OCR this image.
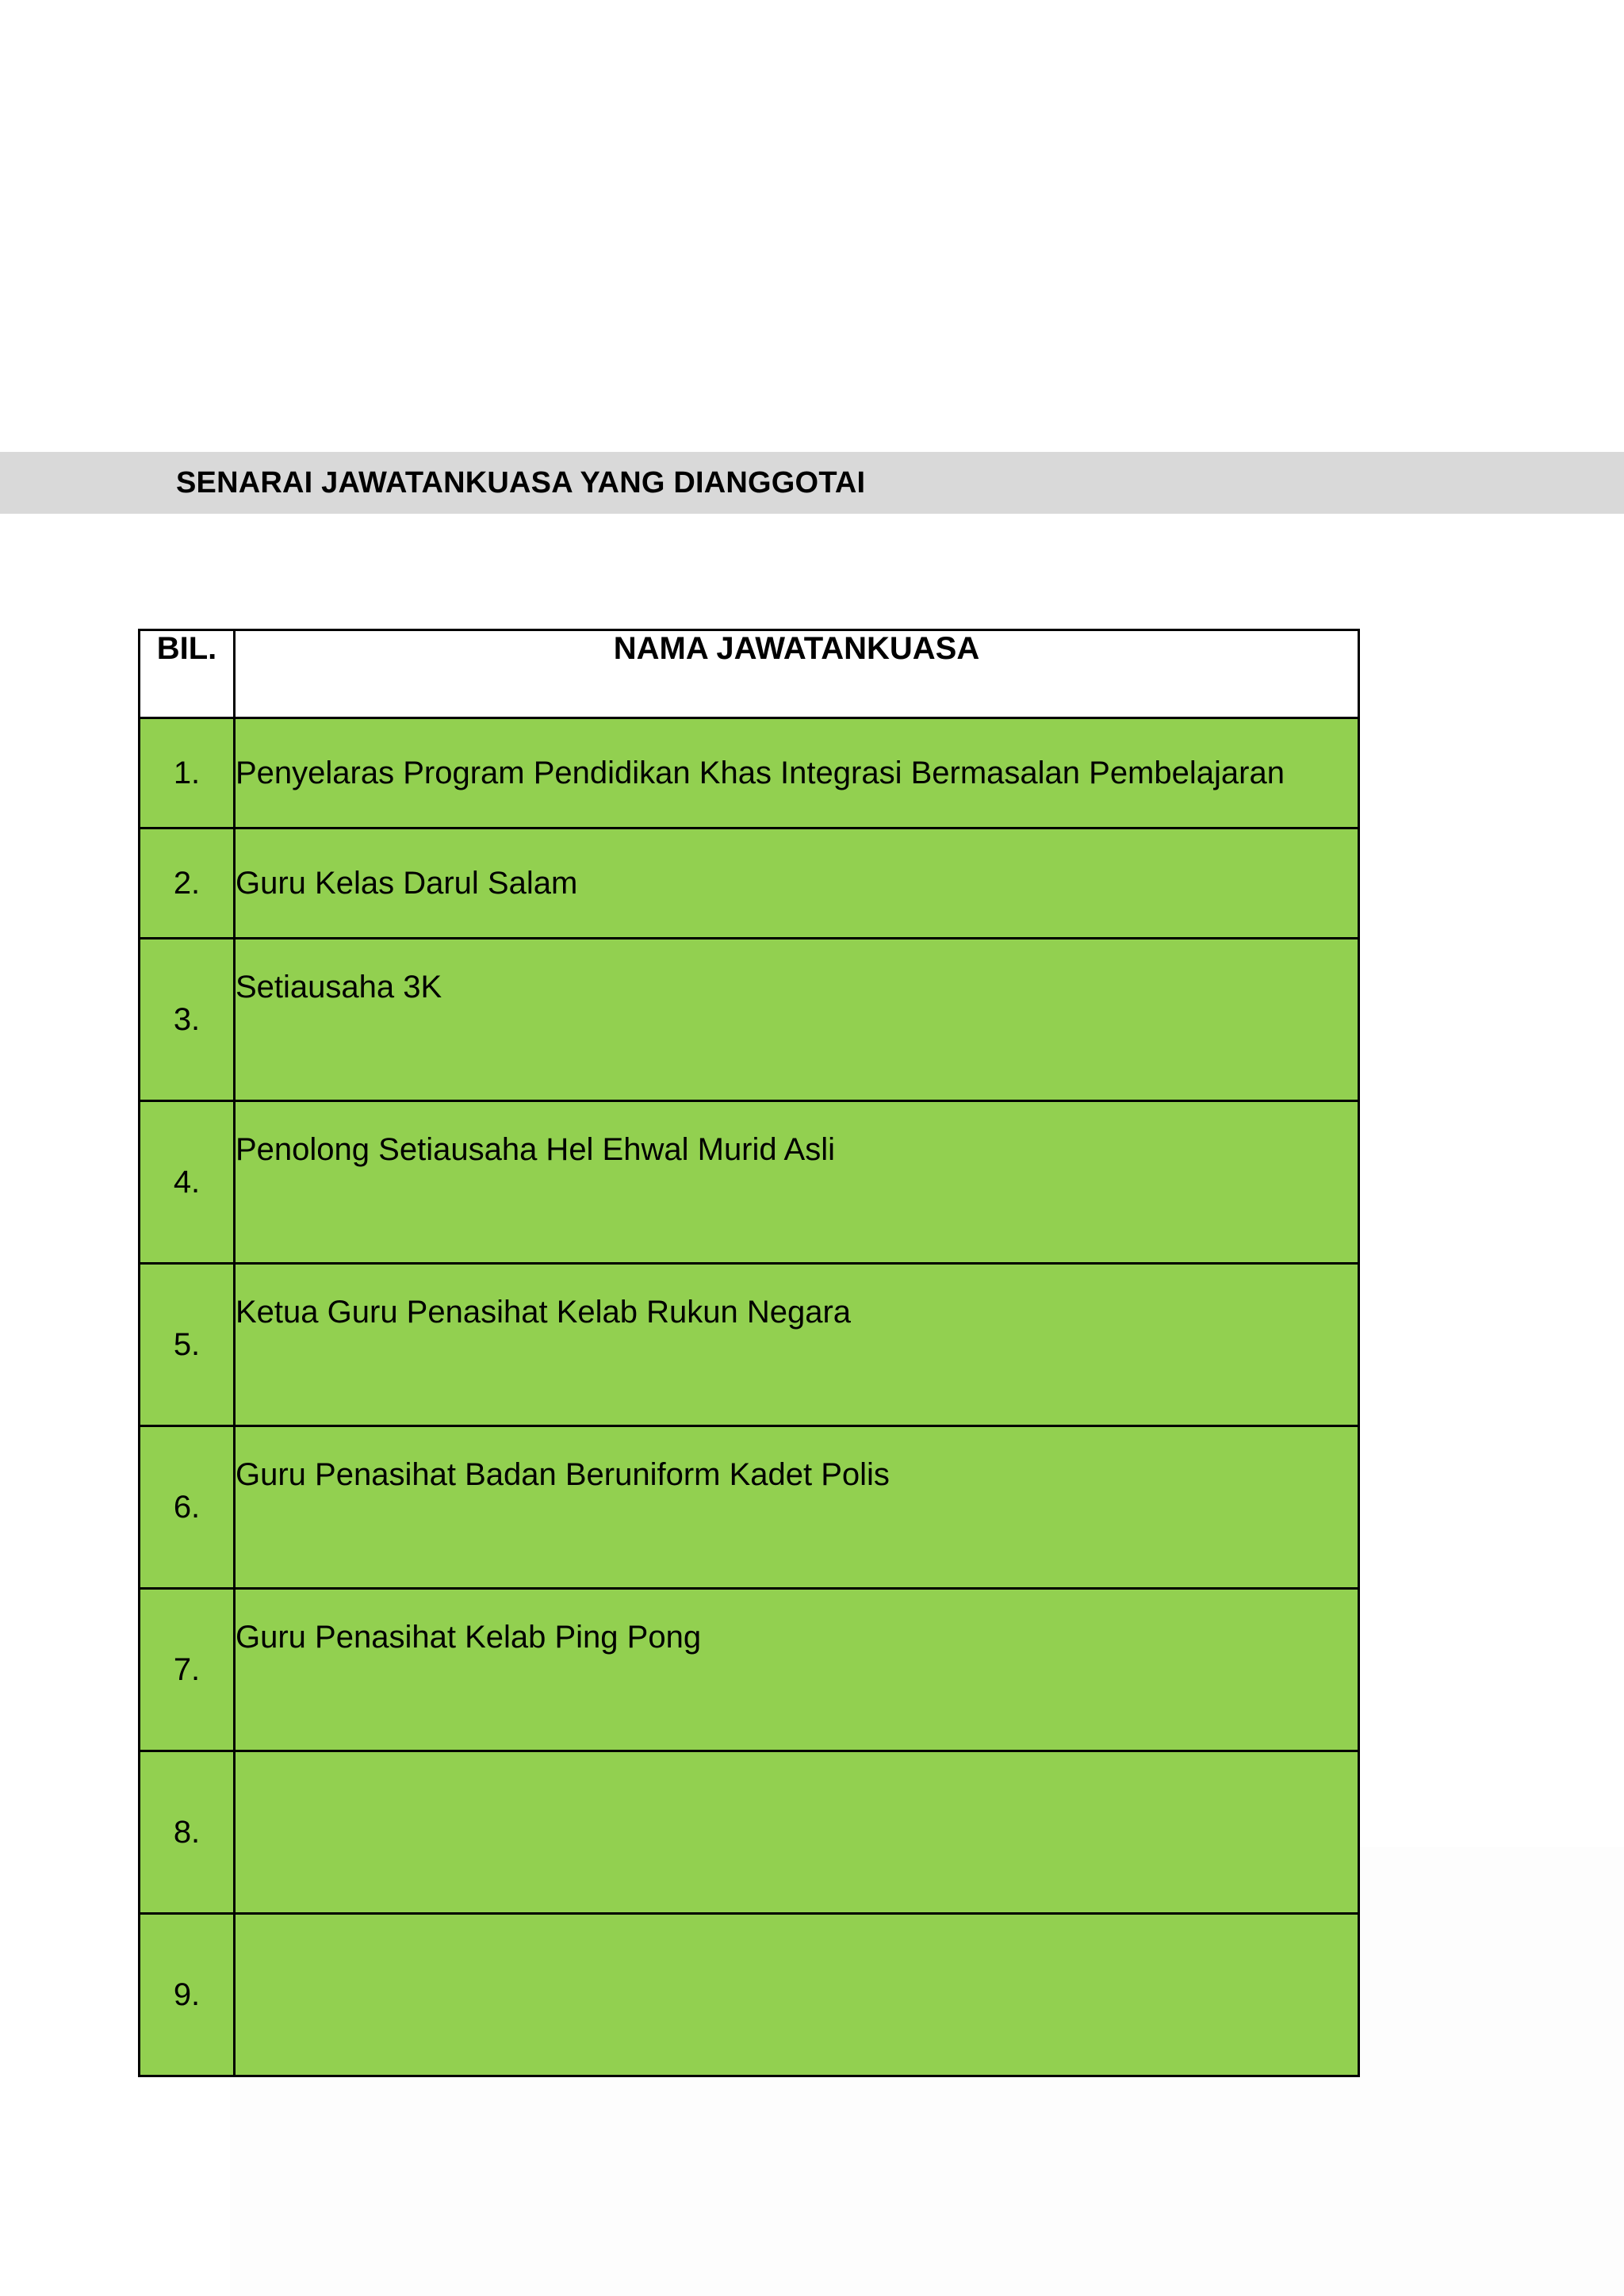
SENARAI JAWATANKUASA YANG DIANGGOTAI
BIL.	NAMA JAWATANKUASA
1.	Penyelaras Program Pendidikan Khas Integrasi Bermasalan Pembelajaran
2.	Guru Kelas Darul Salam
3.	Setiausaha 3K
4.	Penolong Setiausaha Hel Ehwal Murid Asli
5.	Ketua Guru Penasihat Kelab Rukun Negara
6.	Guru Penasihat Badan Beruniform Kadet Polis
7.	Guru Penasihat Kelab Ping Pong
8.	
9.	
